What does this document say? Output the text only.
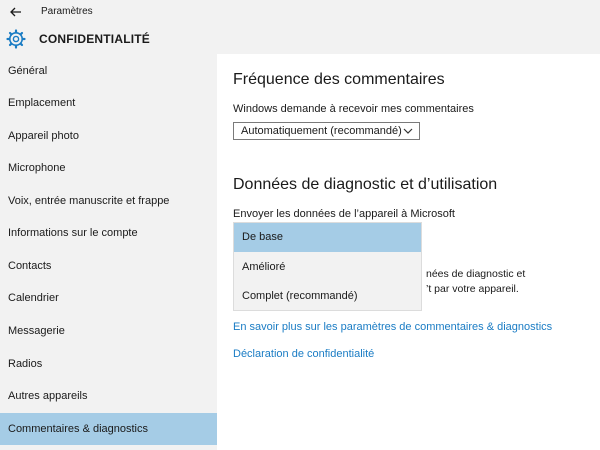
Paramètres
CONFIDENTIALITÉ
Général
Emplacement
Appareil photo
Microphone
Voix, entrée manuscrite et frappe
Informations sur le compte
Contacts
Calendrier
Messagerie
Radios
Autres appareils
Commentaires & diagnostics
Fréquence des commentaires
Windows demande à recevoir mes commentaires
Automatiquement (recommandé)
Données de diagnostic et d’utilisation
Envoyer les données de l’appareil à Microsoft
nées de diagnostic et
’t par votre appareil.
En savoir plus sur les paramètres de commentaires & diagnostics
Déclaration de confidentialité
De base
Amélioré
Complet (recommandé)
